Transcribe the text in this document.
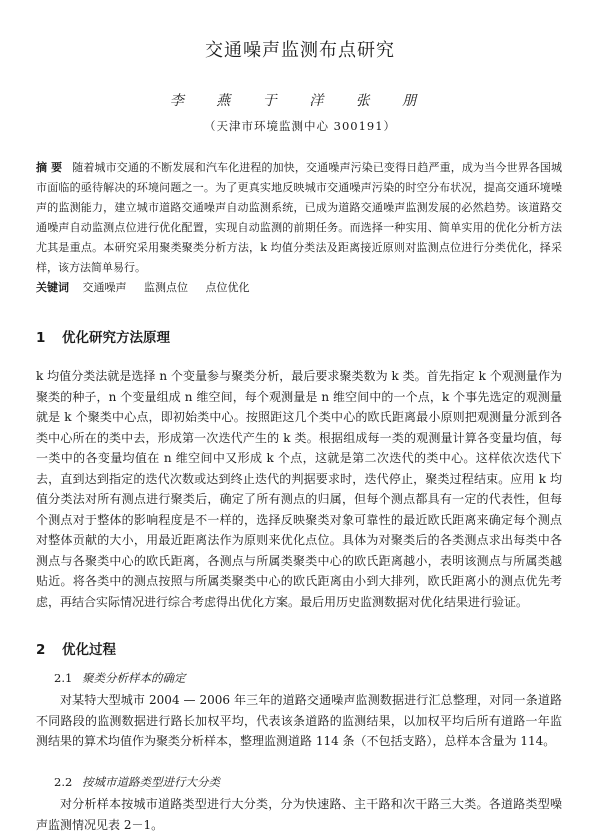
交通噪声监测布点研究
李 燕 于 洋 张 朋
（天津市环境监测中心 300191）
摘 要 随着城市交通的不断发展和汽车化进程的加快，交通噪声污染已变得日趋严重，成为当今世界各国城市面临的亟待解决的环境问题之一。为了更真实地反映城市交通噪声污染的时空分布状况，提高交通环境噪声的监测能力，建立城市道路交通噪声自动监测系统，已成为道路交通噪声监测发展的必然趋势。该道路交通噪声自动监测点位进行优化配置，实现自动监测的前期任务。而选择一种实用、简单实用的优化分析方法尤其是重点。本研究采用聚类聚类分析方法，k 均值分类法及距离接近原则对监测点位进行分类优化，择采样，该方法简单易行。
关键词 交通噪声 监测点位 点位优化
1 优化研究方法原理
k 均值分类法就是选择 n 个变量参与聚类分析，最后要求聚类数为 k 类。首先指定 k 个观测量作为聚类的种子，n 个变量组成 n 维空间，每个观测量是 n 维空间中的一个点，k 个事先选定的观测量就是 k 个聚类中心点，即初始类中心。按照距这几个类中心的欧氏距离最小原则把观测量分派到各类中心所在的类中去，形成第一次迭代产生的 k 类。根据组成每一类的观测量计算各变量均值，每一类中的各变量均值在 n 维空间中又形成 k 个点，这就是第二次迭代的类中心。这样依次迭代下去，直到达到指定的迭代次数或达到终止迭代的判据要求时，迭代停止，聚类过程结束。应用 k 均值分类法对所有测点进行聚类后，确定了所有测点的归属，但每个测点都具有一定的代表性，但每个测点对于整体的影响程度是不一样的，选择反映聚类对象可靠性的最近欧氏距离来确定每个测点对整体贡献的大小，用最近距离法作为原则来优化点位。具体为对聚类后的各类测点求出每类中各测点与各聚类中心的欧氏距离，各测点与所属类聚类中心的欧氏距离越小，表明该测点与所属类越贴近。将各类中的测点按照与所属类聚类中心的欧氏距离由小到大排列，欧氏距离小的测点优先考虑，再结合实际情况进行综合考虑得出优化方案。最后用历史监测数据对优化结果进行验证。
2 优化过程
2.1 聚类分析样本的确定
对某特大型城市 2004 — 2006 年三年的道路交通噪声监测数据进行汇总整理，对同一条道路不同路段的监测数据进行路长加权平均，代表该条道路的监测结果，以加权平均后所有道路一年监测结果的算术均值作为聚类分析样本，整理监测道路 114 条（不包括支路），总样本含量为 114。
2.2 按城市道路类型进行大分类
对分析样本按城市道路类型进行大分类，分为快速路、主干路和次干路三大类。各道路类型噪声监测情况见表 2－1。
